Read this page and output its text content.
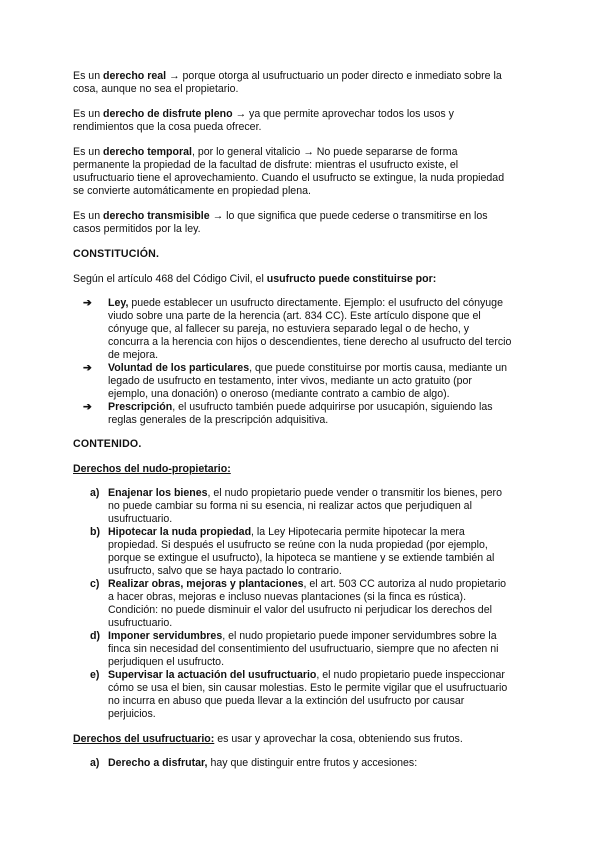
Es un derecho real → porque otorga al usufructuario un poder directo e inmediato sobre la cosa, aunque no sea el propietario.

Es un derecho de disfrute pleno → ya que permite aprovechar todos los usos y rendimientos que la cosa pueda ofrecer.

Es un derecho temporal, por lo general vitalicio → No puede separarse de forma permanente la propiedad de la facultad de disfrute: mientras el usufructo existe, el usufructuario tiene el aprovechamiento. Cuando el usufructo se extingue, la nuda propiedad se convierte automáticamente en propiedad plena.

Es un derecho transmisible → lo que significa que puede cederse o transmitirse en los casos permitidos por la ley.

CONSTITUCIÓN.

Según el artículo 468 del Código Civil, el usufructo puede constituirse por:

➔ Ley, puede establecer un usufructo directamente. Ejemplo: el usufructo del cónyuge viudo sobre una parte de la herencia (art. 834 CC). Este artículo dispone que el cónyuge que, al fallecer su pareja, no estuviera separado legal o de hecho, y concurra a la herencia con hijos o descendientes, tiene derecho al usufructo del tercio de mejora.
➔ Voluntad de los particulares, que puede constituirse por mortis causa, mediante un legado de usufructo en testamento, inter vivos, mediante un acto gratuito (por ejemplo, una donación) o oneroso (mediante contrato a cambio de algo).
➔ Prescripción, el usufructo también puede adquirirse por usucapión, siguiendo las reglas generales de la prescripción adquisitiva.

CONTENIDO.

Derechos del nudo-propietario:

a) Enajenar los bienes, el nudo propietario puede vender o transmitir los bienes, pero no puede cambiar su forma ni su esencia, ni realizar actos que perjudiquen al usufructuario.
b) Hipotecar la nuda propiedad, la Ley Hipotecaria permite hipotecar la mera propiedad. Si después el usufructo se reúne con la nuda propiedad (por ejemplo, porque se extingue el usufructo), la hipoteca se mantiene y se extiende también al usufructo, salvo que se haya pactado lo contrario.
c) Realizar obras, mejoras y plantaciones, el art. 503 CC autoriza al nudo propietario a hacer obras, mejoras e incluso nuevas plantaciones (si la finca es rústica). Condición: no puede disminuir el valor del usufructo ni perjudicar los derechos del usufructuario.
d) Imponer servidumbres, el nudo propietario puede imponer servidumbres sobre la finca sin necesidad del consentimiento del usufructuario, siempre que no afecten ni perjudiquen el usufructo.
e) Supervisar la actuación del usufructuario, el nudo propietario puede inspeccionar cómo se usa el bien, sin causar molestias. Esto le permite vigilar que el usufructuario no incurra en abuso que pueda llevar a la extinción del usufructo por causar perjuicios.

Derechos del usufructuario: es usar y aprovechar la cosa, obteniendo sus frutos.

a) Derecho a disfrutar, hay que distinguir entre frutos y accesiones:
